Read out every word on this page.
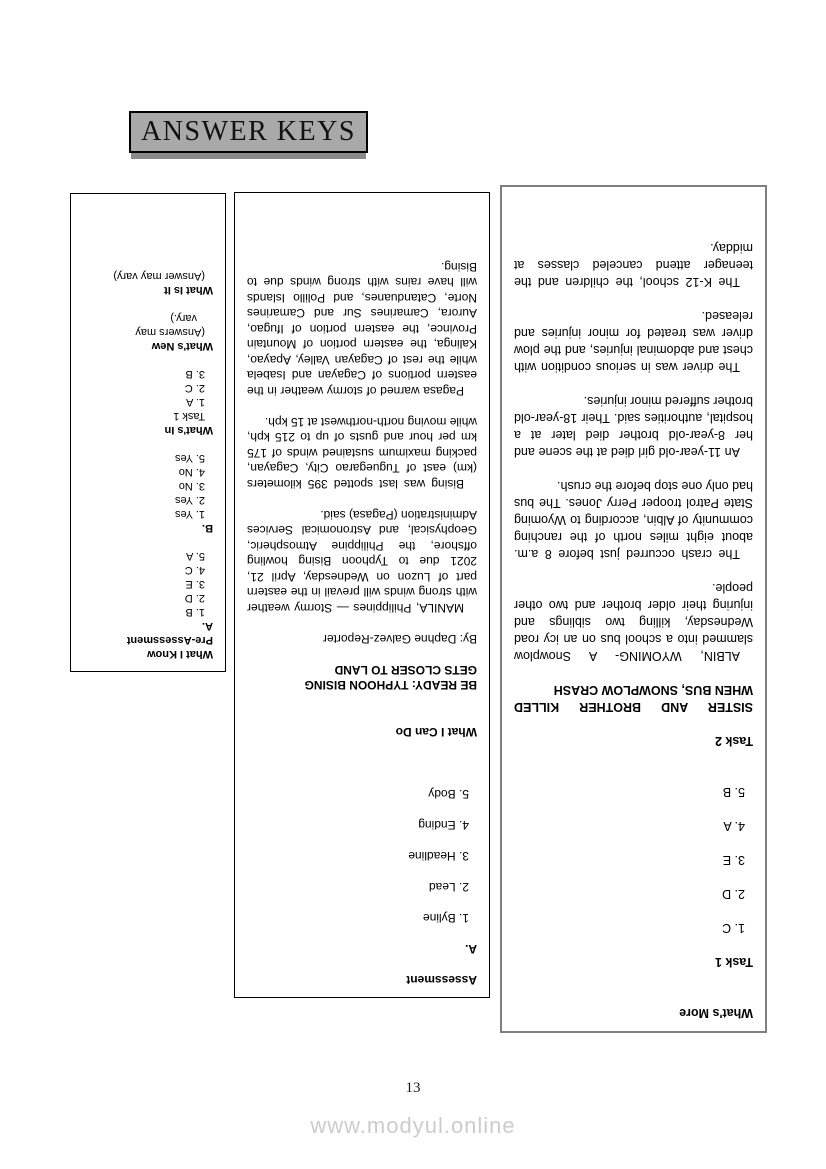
ANSWER KEYS
What I Know
Pre-Assessment
A.
1. B
2. D
3. E
4. C
5. A
B.
1. Yes
2. Yes
3. No
4. No
5. Yes
What's In
Task 1
1. A
2. C
3. B
What's New
(Answers may
vary.)
What Is It
(Answer may vary)
Assessment
A.
1. Byline
2. Lead
3. Headline
4. Ending
5. Body
What I Can Do
BE READY: TYPHOON BISING
GETS CLOSER TO LAND
By: Daphne Galvez-Reporter
MANILA, Philippines — Stormy weather with strong winds will prevail in the eastern part of Luzon on Wednesday, April 21, 2021 due to Typhoon Bising howling offshore, the Philippine Atmospheric, Geophysical, and Astronomical Services Administration (Pagasa) said.
Bising was last spotted 395 kilometers (km) east of Tuguegarao City, Cagayan, packing maximum sustained winds of 175 km per hour and gusts of up to 215 kph, while moving north-northwest at 15 kph.
Pagasa warned of stormy weather in the eastern portions of Cagayan and Isabela while the rest of Cagayan Valley, Apayao, Kalinga, the eastern portion of Mountain Province, the eastern portion of Ifugao, Aurora, Camarines Sur and Camarines Norte, Catanduanes, and Polillo Islands will have rains with strong winds due to Bising.
What's More
Task 1
1. C
2. D
3. E
4. A
5. B
Task 2
SISTER AND BROTHER KILLED
WHEN BUS, SNOWPLOW CRASH
ALBIN, WYOMING- A Snowplow slammed into a school bus on an icy road Wednesday, killing two siblings and injuring their older brother and two other people.
The crash occurred just before 8 a.m. about eight miles north of the ranching community of Albin, according to Wyoming State Patrol trooper Perry Jones. The bus had only one stop before the crush.
An 11-year-old girl died at the scene and her 8-year-old brother died later at a hospital, authorities said. Their 18-year-old brother suffered minor injuries.
The driver was in serious condition with chest and abdominal injuries, and the plow driver was treated for minor injuries and released.
The K-12 school, the children and the teenager attend canceled classes at midday.
13
www.modyul.online
